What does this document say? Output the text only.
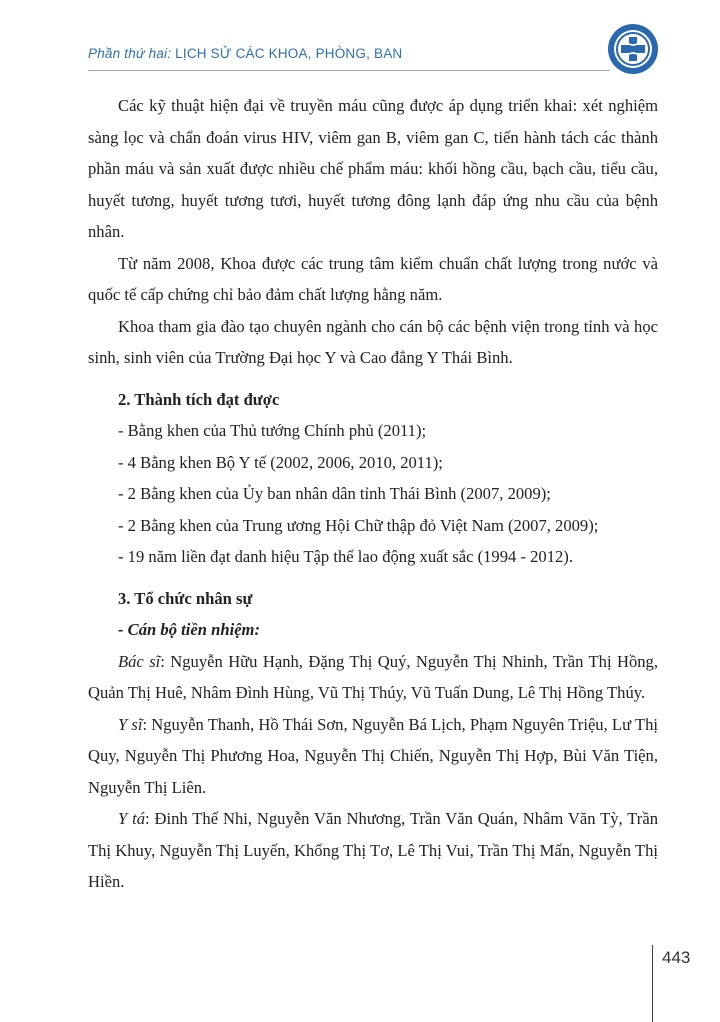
Phần thứ hai: LỊCH SỬ CÁC KHOA, PHÒNG, BAN

Các kỹ thuật hiện đại về truyền máu cũng được áp dụng triển khai: xét nghiệm sàng lọc và chẩn đoán virus HIV, viêm gan B, viêm gan C, tiến hành tách các thành phần máu và sản xuất được nhiều chế phẩm máu: khối hồng cầu, bạch cầu, tiểu cầu, huyết tương, huyết tương tươi, huyết tương đông lạnh đáp ứng nhu cầu của bệnh nhân.

Từ năm 2008, Khoa được các trung tâm kiểm chuẩn chất lượng trong nước và quốc tế cấp chứng chỉ bảo đảm chất lượng hằng năm.

Khoa tham gia đào tạo chuyên ngành cho cán bộ các bệnh viện trong tỉnh và học sinh, sinh viên của Trường Đại học Y và Cao đẳng Y Thái Bình.

2. Thành tích đạt được

- Bằng khen của Thủ tướng Chính phủ (2011);

- 4 Bằng khen Bộ Y tế (2002, 2006, 2010, 2011);

- 2 Bằng khen của Ủy ban nhân dân tỉnh Thái Bình (2007, 2009);

- 2 Bằng khen của Trung ương Hội Chữ thập đỏ Việt Nam (2007, 2009);

- 19 năm liền đạt danh hiệu Tập thể lao động xuất sắc (1994 - 2012).

3. Tổ chức nhân sự

- Cán bộ tiền nhiệm:

Bác sĩ: Nguyễn Hữu Hạnh, Đặng Thị Quý, Nguyễn Thị Nhinh, Trần Thị Hồng, Quản Thị Huê, Nhâm Đình Hùng, Vũ Thị Thúy, Vũ Tuấn Dung, Lê Thị Hồng Thúy.

Y sĩ: Nguyễn Thanh, Hồ Thái Sơn, Nguyễn Bá Lịch, Phạm Nguyên Triệu, Lư Thị Quy, Nguyễn Thị Phương Hoa, Nguyễn Thị Chiến, Nguyễn Thị Hợp, Bùi Văn Tiện, Nguyễn Thị Liên.

Y tá: Đinh Thế Nhi, Nguyễn Văn Nhương, Trần Văn Quán, Nhâm Văn Tỳ, Trần Thị Khuy, Nguyễn Thị Luyến, Khổng Thị Tơ, Lê Thị Vui, Trần Thị Mấn, Nguyễn Thị Hiền.

443
